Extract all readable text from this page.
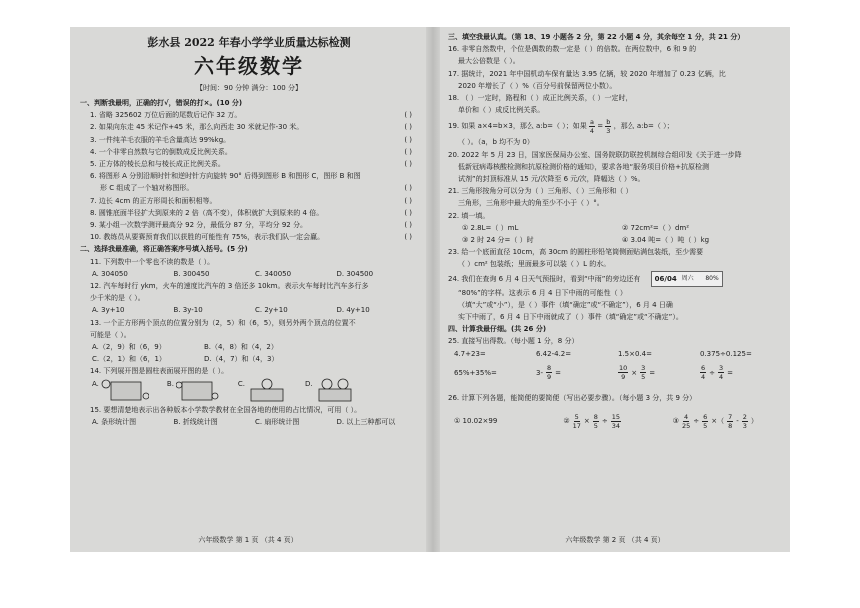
彭水县 2022 年春小学学业质量达标检测
六年级数学
【时间：90 分钟 满分：100 分】
一、判断我最明，正确的打√，错误的打×。(10 分)
1. 省略 325602 万位后面的尾数后记作 32 万。	( )
2. 如果向东走 45 米记作+45 米，那么向西走 30 米就记作-30 米。	( )
3. 一件纯羊毛衣服的羊毛含量高达 99%kg。	( )
4. 一个非零自然数与它的倒数成反比例关系。	( )
5. 正方体的棱长总和与棱长成正比例关系。	( )
6. 将图形 A 分别沿顺时针和逆时针方向旋转 90° 后得到图形 B 和图形 C，图形 B 和图
形 C 组成了一个轴对称图形。	( )
7. 边长 4cm 的正方形周长和面积相等。	( )
8. 圆锥底面半径扩大到原来的 2 倍（高不变），体积就扩大到原来的 4 倍。	( )
9. 某小组一次数学测评最高分 92 分，最低分 87 分，平均分 92 分。	( )
10. 教练员从要赛预育我们以获胜的可能性有 75%，表示我们队一定会赢。	( )
二、选择我最准确，将正确答案序号填入括号。(5 分)
11. 下列数中一个零也不读的数是（ ）。
A. 304050	B. 300450	C. 340050	D. 304500
12. 汽车每时行 ykm，火车的速度比汽车的 3 倍还多 10km。表示火车每时比汽车多行多
少千米的是（ ）。
A. 3y+10	B. 3y-10	C. 2y+10	D. 4y+10
13. 一个正方形两个顶点的位置分别为（2，5）和（6，5），则另外两个顶点的位置不
可能是（ ）。
A.（2，9）和（6，9）	B.（4，8）和（4，2）
C.（2，1）和（6，1）	D.（4，7）和（4，3）
14. 下列展开图是圆柱表面展开图的是（ ）。
A.	B.	C.	D.
15. 要想清楚地表示出各种版本小学数学教材在全国各地的使用的占比情况，可用（ ）。
A. 条形统计图	B. 折线统计图	C. 扇形统计图	D. 以上三种都可以
六年级数学 第 1 页 （共 4 页）
三、填空我最认真。（第 18、19 小题各 2 分，第 22 小题 4 分，其余每空 1 分，共 21 分）
16. 非零自然数中，个位是偶数的数一定是（ ）的倍数。在两位数中，6 和 9 的
最大公倍数是（ ）。
17. 据统计，2021 年中国机动车保有量达 3.95 亿辆，较 2020 年增加了 0.23 亿辆，比
2020 年增长了（ ）%（百分号前保留两位小数）。
18. （ ）一定时，路程和（ ）成正比例关系，（ ）一定时，
单价和（ ）成反比例关系。
19. 如果 a×4=b×3，那么 a:b=（ ）；如果 $\frac{a}{4} = \frac{b}{3}$ ，那么 a:b=（ ）；
（ ）。（a，b 均不为 0）
20. 2022 年 5 月 23 日，国家医保局办公室、国务院联防联控机制综合组印发《关于进一步降
低新冠病毒核酸检测和抗原检测价格的通知》，要求各地“服务项目价格+抗原检测
试剂”的封顶标准从 15 元/次降至 6 元/次，降幅达（ ）%。
21. 三角形按角分可以分为（ ）三角形、（ ）三角形和（ ）
三角形，三角形中最大的角至少不小于（ ）°。
22. 填一填。
① 2.8L=（ ）mL	② 72cm²=（ ）dm²
③ 2 时 24 分=（ ）时	④ 3.04 吨=（ ）吨（ ）kg
23. 给一个底面直径 10cm，高 30cm 的圆柱形铅笔筒侧面贴满包装纸，至少需要
（ ）cm² 包装纸；里面最多可以装（ ）L 的水。
24. 我们在查询 6 月 4 日天气预报时，看到“中雨”的旁边还有 06/04 周六 80%
“80%”的字样。这表示 6 月 4 日下中雨的可能性（ ）
（填“大”或“小”），是（ ）事件（填“确定”或“不确定”），6 月 4 日确
实下中雨了，6 月 4 日下中雨就成了（ ）事件（填“确定”或“不确定”）。
四、计算我最仔细。(共 26 分)
25. 直接写出得数。（每小题 1 分，8 分）
4.7+23=	6.42-4.2=	1.5×0.4=	0.375÷0.125=
65%+35%=	$3- \frac{8}{9}$ =	$\frac{10}{9} \times \frac{3}{5}$ =	$\frac{6}{4} \div \frac{3}{4}$ =
26. 计算下列各题，能简便的要简便（写出必要步骤）。（每小题 3 分，共 9 分）
① 10.02×99	② $\frac{5}{17} \times \frac{8}{5} \div \frac{15}{34}$	③ $\frac{4}{25} \div \frac{6}{5}$ ×（ $\frac{7}{8} - \frac{2}{3}$ ）
六年级数学 第 2 页 （共 4 页）
